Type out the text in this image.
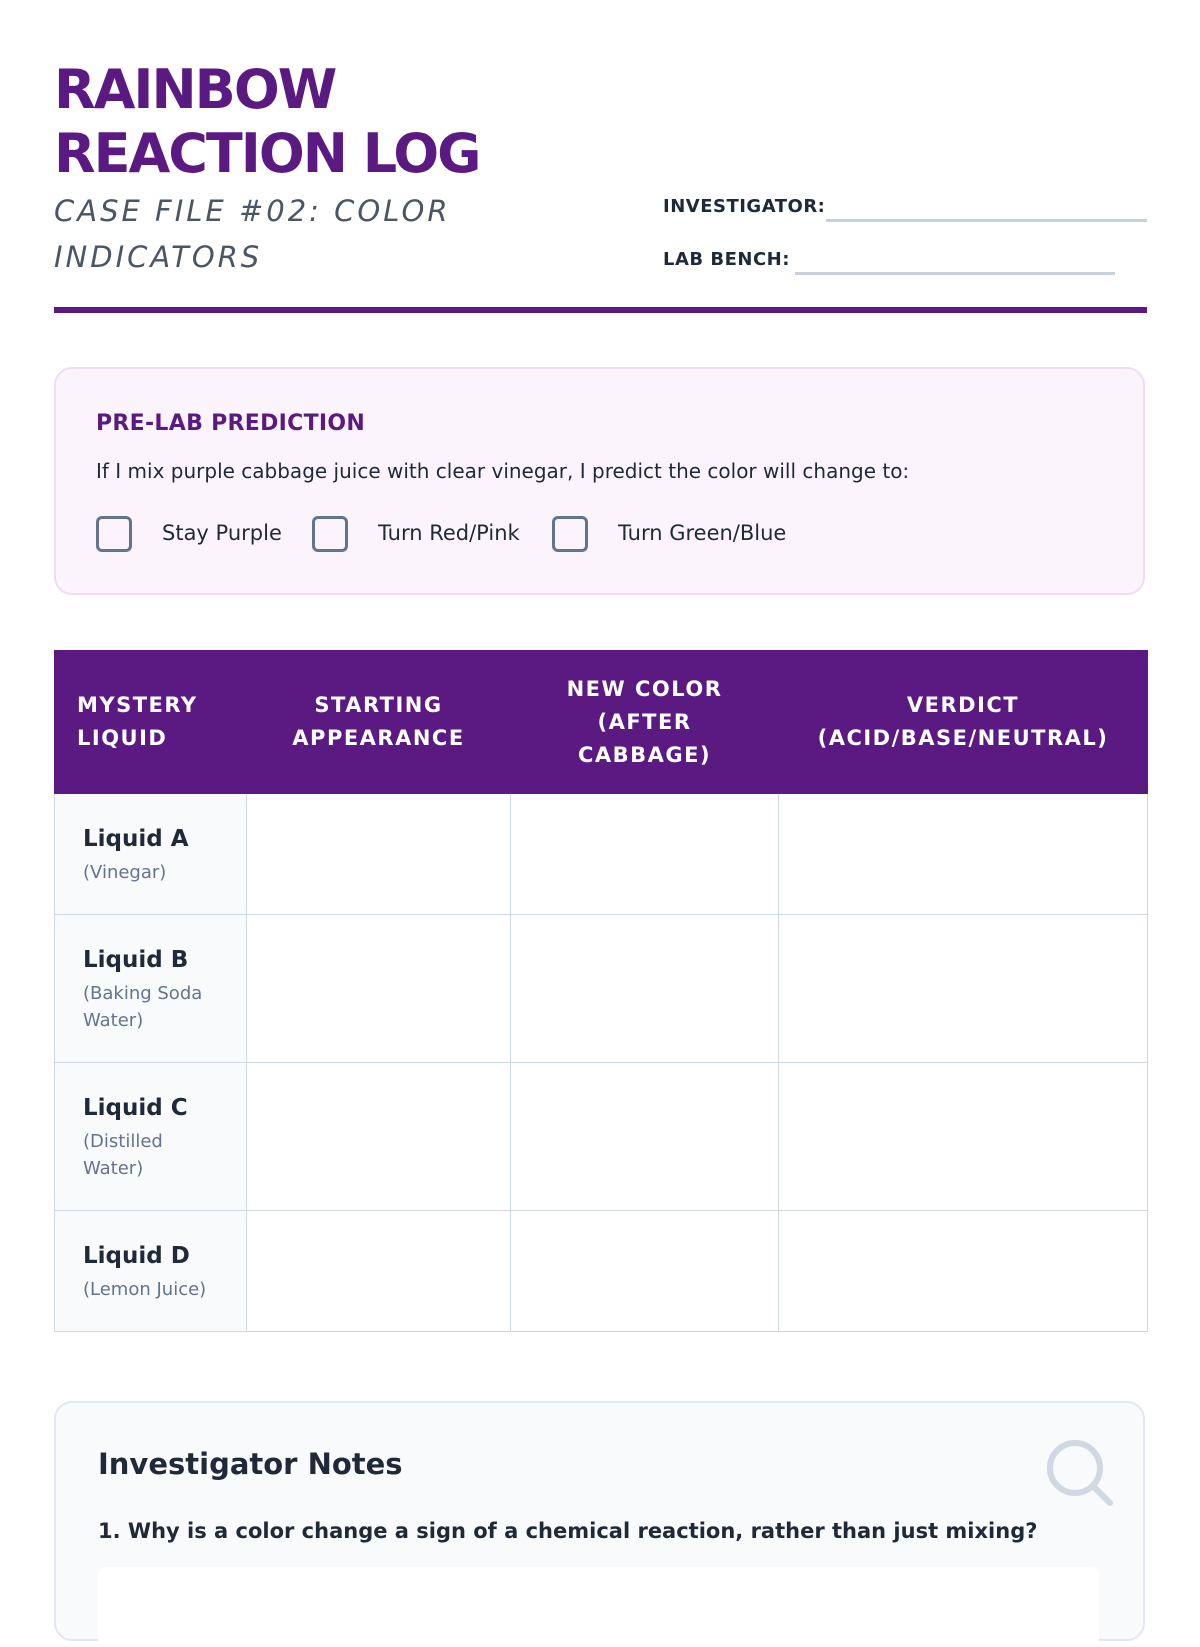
RAINBOW REACTION LOG
CASE FILE #02: COLOR INDICATORS
INVESTIGATOR:
LAB BENCH:
PRE-LAB PREDICTION
If I mix purple cabbage juice with clear vinegar, I predict the color will change to:
Stay Purple	Turn Red/Pink	Turn Green/Blue
MYSTERY LIQUID	STARTING APPEARANCE	NEW COLOR (AFTER CABBAGE)	VERDICT (ACID/BASE/NEUTRAL)

Liquid A
(Vinegar)			

Liquid B
(Baking Soda Water)			

Liquid C
(Distilled Water)			

Liquid D
(Lemon Juice)			

Investigator Notes
1. Why is a color change a sign of a chemical reaction, rather than just mixing?
